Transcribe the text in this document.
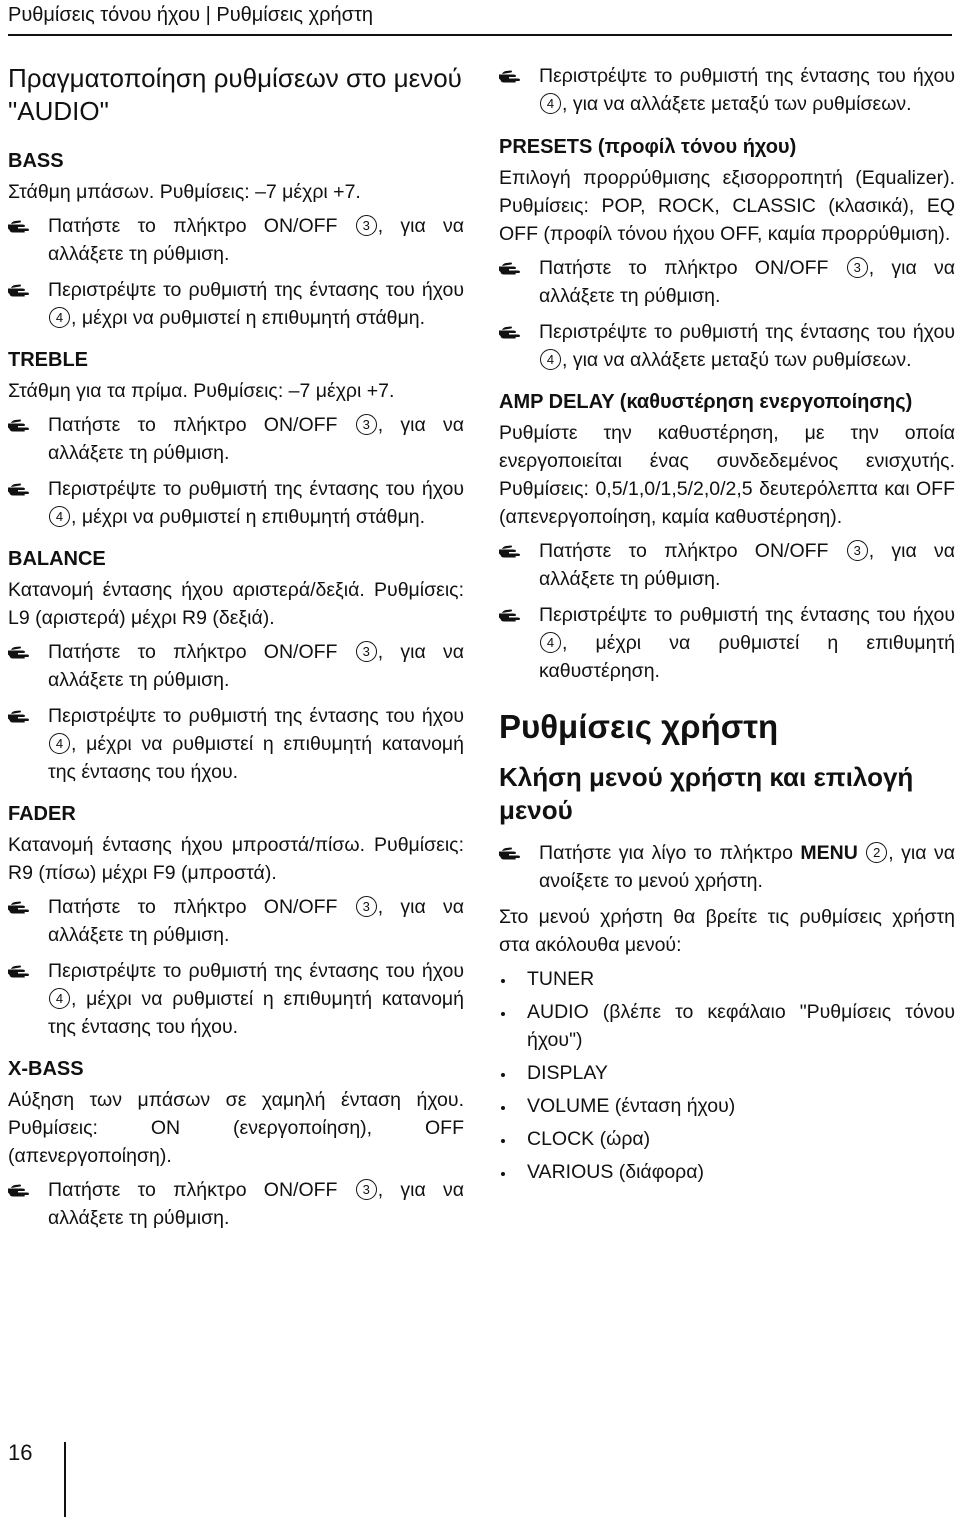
Ρυθμίσεις τόνου ήχου | Ρυθμίσεις χρήστη
Πραγματοποίηση ρυθμίσεων στο μενού "AUDIO"
BASS
Στάθμη μπάσων. Ρυθμίσεις: –7 μέχρι +7.
Πατήστε το πλήκτρο ON/OFF 3 , για να αλλάξετε τη ρύθμιση.
Περιστρέψτε το ρυθμιστή της έντασης του ήχου 4 , μέχρι να ρυθμιστεί η επιθυμητή στάθμη.
TREBLE
Στάθμη για τα πρίμα. Ρυθμίσεις: –7 μέχρι +7.
Πατήστε το πλήκτρο ON/OFF 3 , για να αλλάξετε τη ρύθμιση.
Περιστρέψτε το ρυθμιστή της έντασης του ήχου 4 , μέχρι να ρυθμιστεί η επιθυμητή στάθμη.
BALANCE
Κατανομή έντασης ήχου αριστερά/δεξιά. Ρυθμίσεις: L9 (αριστερά) μέχρι R9 (δεξιά).
Πατήστε το πλήκτρο ON/OFF 3 , για να αλλάξετε τη ρύθμιση.
Περιστρέψτε το ρυθμιστή της έντασης του ήχου 4 , μέχρι να ρυθμιστεί η επιθυμητή κατανομή της έντασης του ήχου.
FADER
Κατανομή έντασης ήχου μπροστά/πίσω. Ρυθμίσεις: R9 (πίσω) μέχρι F9 (μπροστά).
Πατήστε το πλήκτρο ON/OFF 3 , για να αλλάξετε τη ρύθμιση.
Περιστρέψτε το ρυθμιστή της έντασης του ήχου 4 , μέχρι να ρυθμιστεί η επιθυμητή κατανομή της έντασης του ήχου.
X-BASS
Αύξηση των μπάσων σε χαμηλή ένταση ήχου. Ρυθμίσεις: ON (ενεργοποίηση), OFF (απενεργοποίηση).
Πατήστε το πλήκτρο ON/OFF 3 , για να αλλάξετε τη ρύθμιση.
Περιστρέψτε το ρυθμιστή της έντασης του ήχου 4 , για να αλλάξετε μεταξύ των ρυθμίσεων.
PRESETS (προφίλ τόνου ήχου)
Επιλογή προρρύθμισης εξισορροπητή (Equalizer). Ρυθμίσεις: POP, ROCK, CLASSIC (κλασικά), EQ OFF (προφίλ τόνου ήχου OFF, καμία προρρύθμιση).
Πατήστε το πλήκτρο ON/OFF 3 , για να αλλάξετε τη ρύθμιση.
Περιστρέψτε το ρυθμιστή της έντασης του ήχου 4 , για να αλλάξετε μεταξύ των ρυθμίσεων.
AMP DELAY (καθυστέρηση ενεργοποίησης)
Ρυθμίστε την καθυστέρηση, με την οποία ενεργοποιείται ένας συνδεδεμένος ενισχυτής. Ρυθμίσεις: 0,5/1,0/1,5/2,0/2,5 δευτερόλεπτα και OFF (απενεργοποίηση, καμία καθυστέρηση).
Πατήστε το πλήκτρο ON/OFF 3 , για να αλλάξετε τη ρύθμιση.
Περιστρέψτε το ρυθμιστή της έντασης του ήχου 4 , μέχρι να ρυθμιστεί η επιθυμητή καθυστέρηση.
Ρυθμίσεις χρήστη
Κλήση μενού χρήστη και επιλογή μενού
Πατήστε για λίγο το πλήκτρο MENU 2 , για να ανοίξετε το μενού χρήστη.
Στο μενού χρήστη θα βρείτε τις ρυθμίσεις χρήστη στα ακόλουθα μενού:
TUNER
AUDIO (βλέπε το κεφάλαιο "Ρυθμίσεις τόνου ήχου")
DISPLAY
VOLUME (ένταση ήχου)
CLOCK (ώρα)
VARIOUS (διάφορα)
16
